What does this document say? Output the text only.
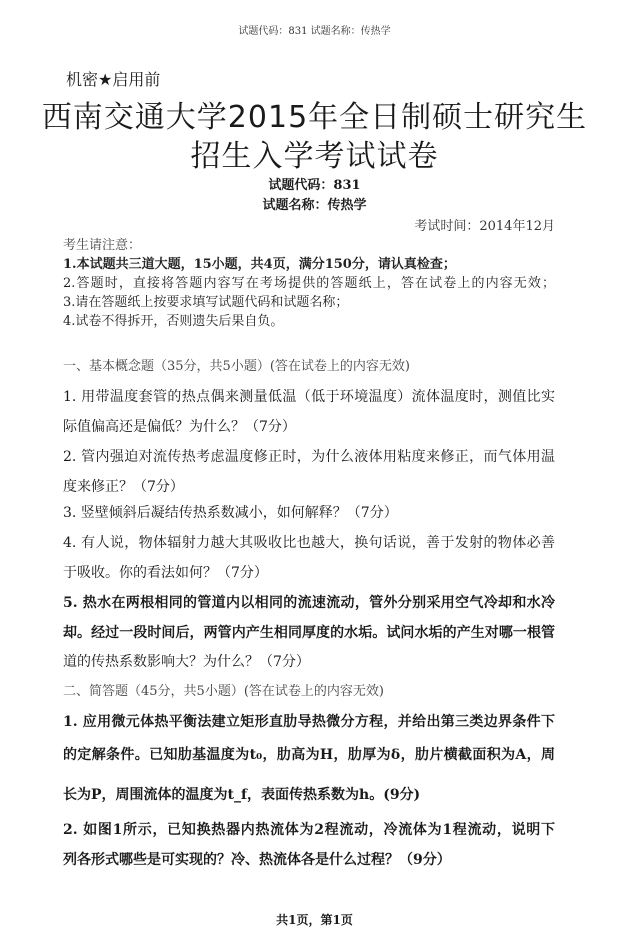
试题代码：831 试题名称：传热学
机密★启用前
西南交通大学2015年全日制硕士研究生
招生入学考试试卷
试题代码：831
试题名称：传热学
考试时间：2014年12月
考生请注意：
1.本试题共三道大题，15小题，共4页，满分150分，请认真检查；
2.答题时，直接将答题内容写在考场提供的答题纸上，答在试卷上的内容无效；
3.请在答题纸上按要求填写试题代码和试题名称；
4.试卷不得拆开，否则遗失后果自负。
一、基本概念题（35分，共5小题）(答在试卷上的内容无效)
1. 用带温度套管的热点偶来测量低温（低于环境温度）流体温度时，测值比实
际值偏高还是偏低？为什么？（7分）
2. 管内强迫对流传热考虑温度修正时，为什么液体用粘度来修正，而气体用温
度来修正？（7分）
3. 竖壁倾斜后凝结传热系数减小，如何解释？（7分）
4. 有人说，物体辐射力越大其吸收比也越大，换句话说，善于发射的物体必善
于吸收。你的看法如何？（7分）
5. 热水在两根相同的管道内以相同的流速流动，管外分别采用空气冷却和水冷
却。经过一段时间后，两管内产生相同厚度的水垢。试问水垢的产生对哪一根管
道的传热系数影响大？为什么？（7分）
二、简答题（45分，共5小题）(答在试卷上的内容无效)
1. 应用微元体热平衡法建立矩形直肋导热微分方程，并给出第三类边界条件下
的定解条件。已知肋基温度为t₀，肋高为H，肋厚为δ，肋片横截面积为A，周
长为P，周围流体的温度为t_f，表面传热系数为h。(9分)
2. 如图1所示，已知换热器内热流体为2程流动，冷流体为1程流动，说明下
列各形式哪些是可实现的？冷、热流体各是什么过程？（9分）
共1页，第1页
